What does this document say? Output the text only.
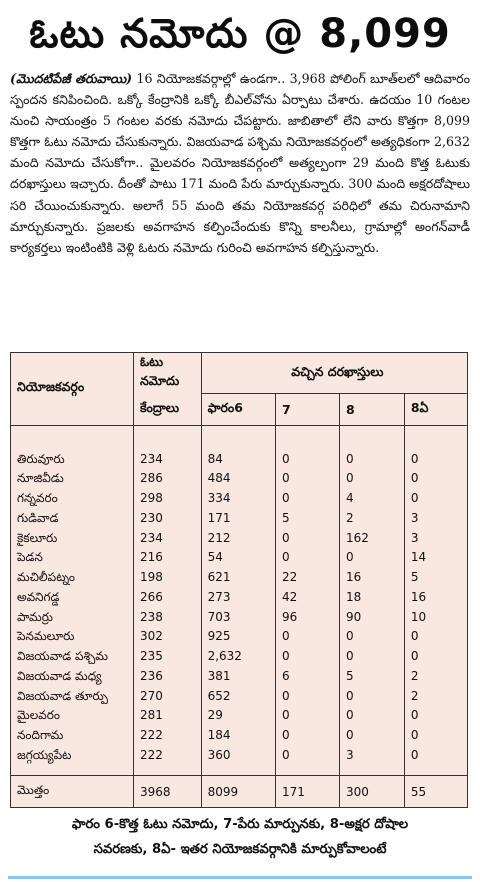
ఓటు నమోదు @ 8,099
(మొదటిపేజీ తరువాయి) 16 నియోజకవర్గాల్లో ఉండగా.. 3,968 పోలింగ్ బూత్‌లలో ఆదివారం స్పందన కనిపించింది. ఒక్కో కేంద్రానికి ఒక్కో బీఎల్‌వోను ఏర్పాటు చేశారు. ఉదయం 10 గంటల నుంచి సాయంత్రం 5 గంటల వరకు నమోదు చేపట్టారు. జాబితాలో లేని వారు కొత్తగా 8,099 కొత్తగా ఓటు నమోదు చేసుకున్నారు. విజయవాడ పశ్చిమ నియోజకవర్గంలో అత్యధికంగా 2,632 మంది నమోదు చేసుకోగా.. మైలవరం నియోజకవర్గంలో అత్యల్పంగా 29 మంది కొత్త ఓటుకు దరఖాస్తులు ఇచ్చారు. దీంతో పాటు 171 మంది పేరు మార్చుకున్నారు. 300 మంది అక్షరదోషాలు సరి చేయించుకున్నారు. అలాగే 55 మంది తమ నియోజకవర్గ పరిధిలో తమ చిరునామాని మార్చుకున్నారు. ప్రజలకు అవగాహన కల్పించేందుకు కొన్ని కాలనీలు, గ్రామాల్లో అంగన్‌వాడీ కార్యకర్తలు ఇంటింటికి వెళ్లి ఓటరు నమోదు గురించి అవగాహన కల్పిస్తున్నారు.
నియోజకవర్గం	ఓటు నమోదు	వచ్చిన దరఖాస్తులు			
	కేంద్రాలు	ఫారం6	7	8	8ఏ

తిరువూరు	234	84	0	0	0
నూజివీడు	286	484	0	0	0
గన్నవరం	298	334	0	4	0
గుడివాడ	230	171	5	2	3
కైకలూరు	234	212	0	162	3
పెడన	216	54	0	0	14
మచిలీపట్నం	198	621	22	16	5
అవనిగడ్డ	266	273	42	18	16
పామర్రు	238	703	96	90	10
పెనమలూరు	302	925	0	0	0
విజయవాడ పశ్చిమ	235	2,632	0	0	0
విజయవాడ మధ్య	236	381	6	5	2
విజయవాడ తూర్పు	270	652	0	0	2
మైలవరం	281	29	0	0	0
నందిగామ	222	184	0	0	0
జగ్గయ్యపేట	222	360	0	3	0

మొత్తం	3968	8099	171	300	55
ఫారం 6-కొత్త ఓటు నమోదు, 7-పేరు మార్పునకు, 8-అక్షర దోషాల
సవరణకు, 8ఏ- ఇతర నియోజకవర్గానికి మార్పుకోవాలంటే
